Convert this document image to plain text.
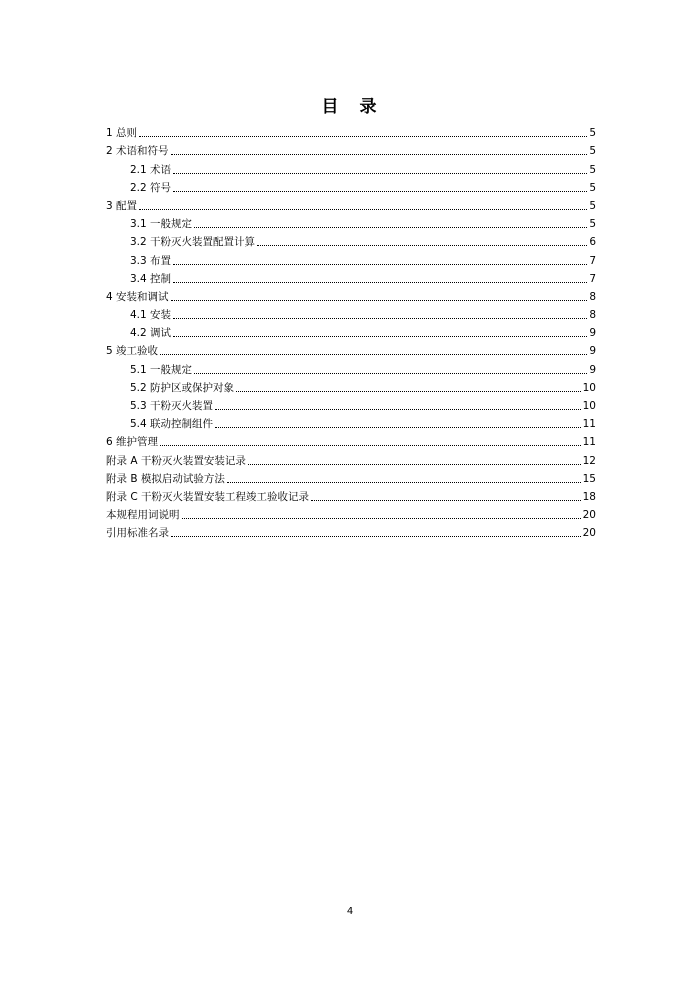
目　录
1 总则	5
2 术语和符号	5
2.1 术语	5
2.2 符号	5
3 配置	5
3.1 一般规定	5
3.2 干粉灭火装置配置计算	6
3.3 布置	7
3.4 控制	7
4 安装和调试	8
4.1 安装	8
4.2 调试	9
5 竣工验收	9
5.1 一般规定	9
5.2 防护区或保护对象	10
5.3 干粉灭火装置	10
5.4 联动控制组件	11
6 维护管理	11
附录 A 干粉灭火装置安装记录	12
附录 B 模拟启动试验方法	15
附录 C 干粉灭火装置安装工程竣工验收记录	18
本规程用词说明	20
引用标准名录	20
4
